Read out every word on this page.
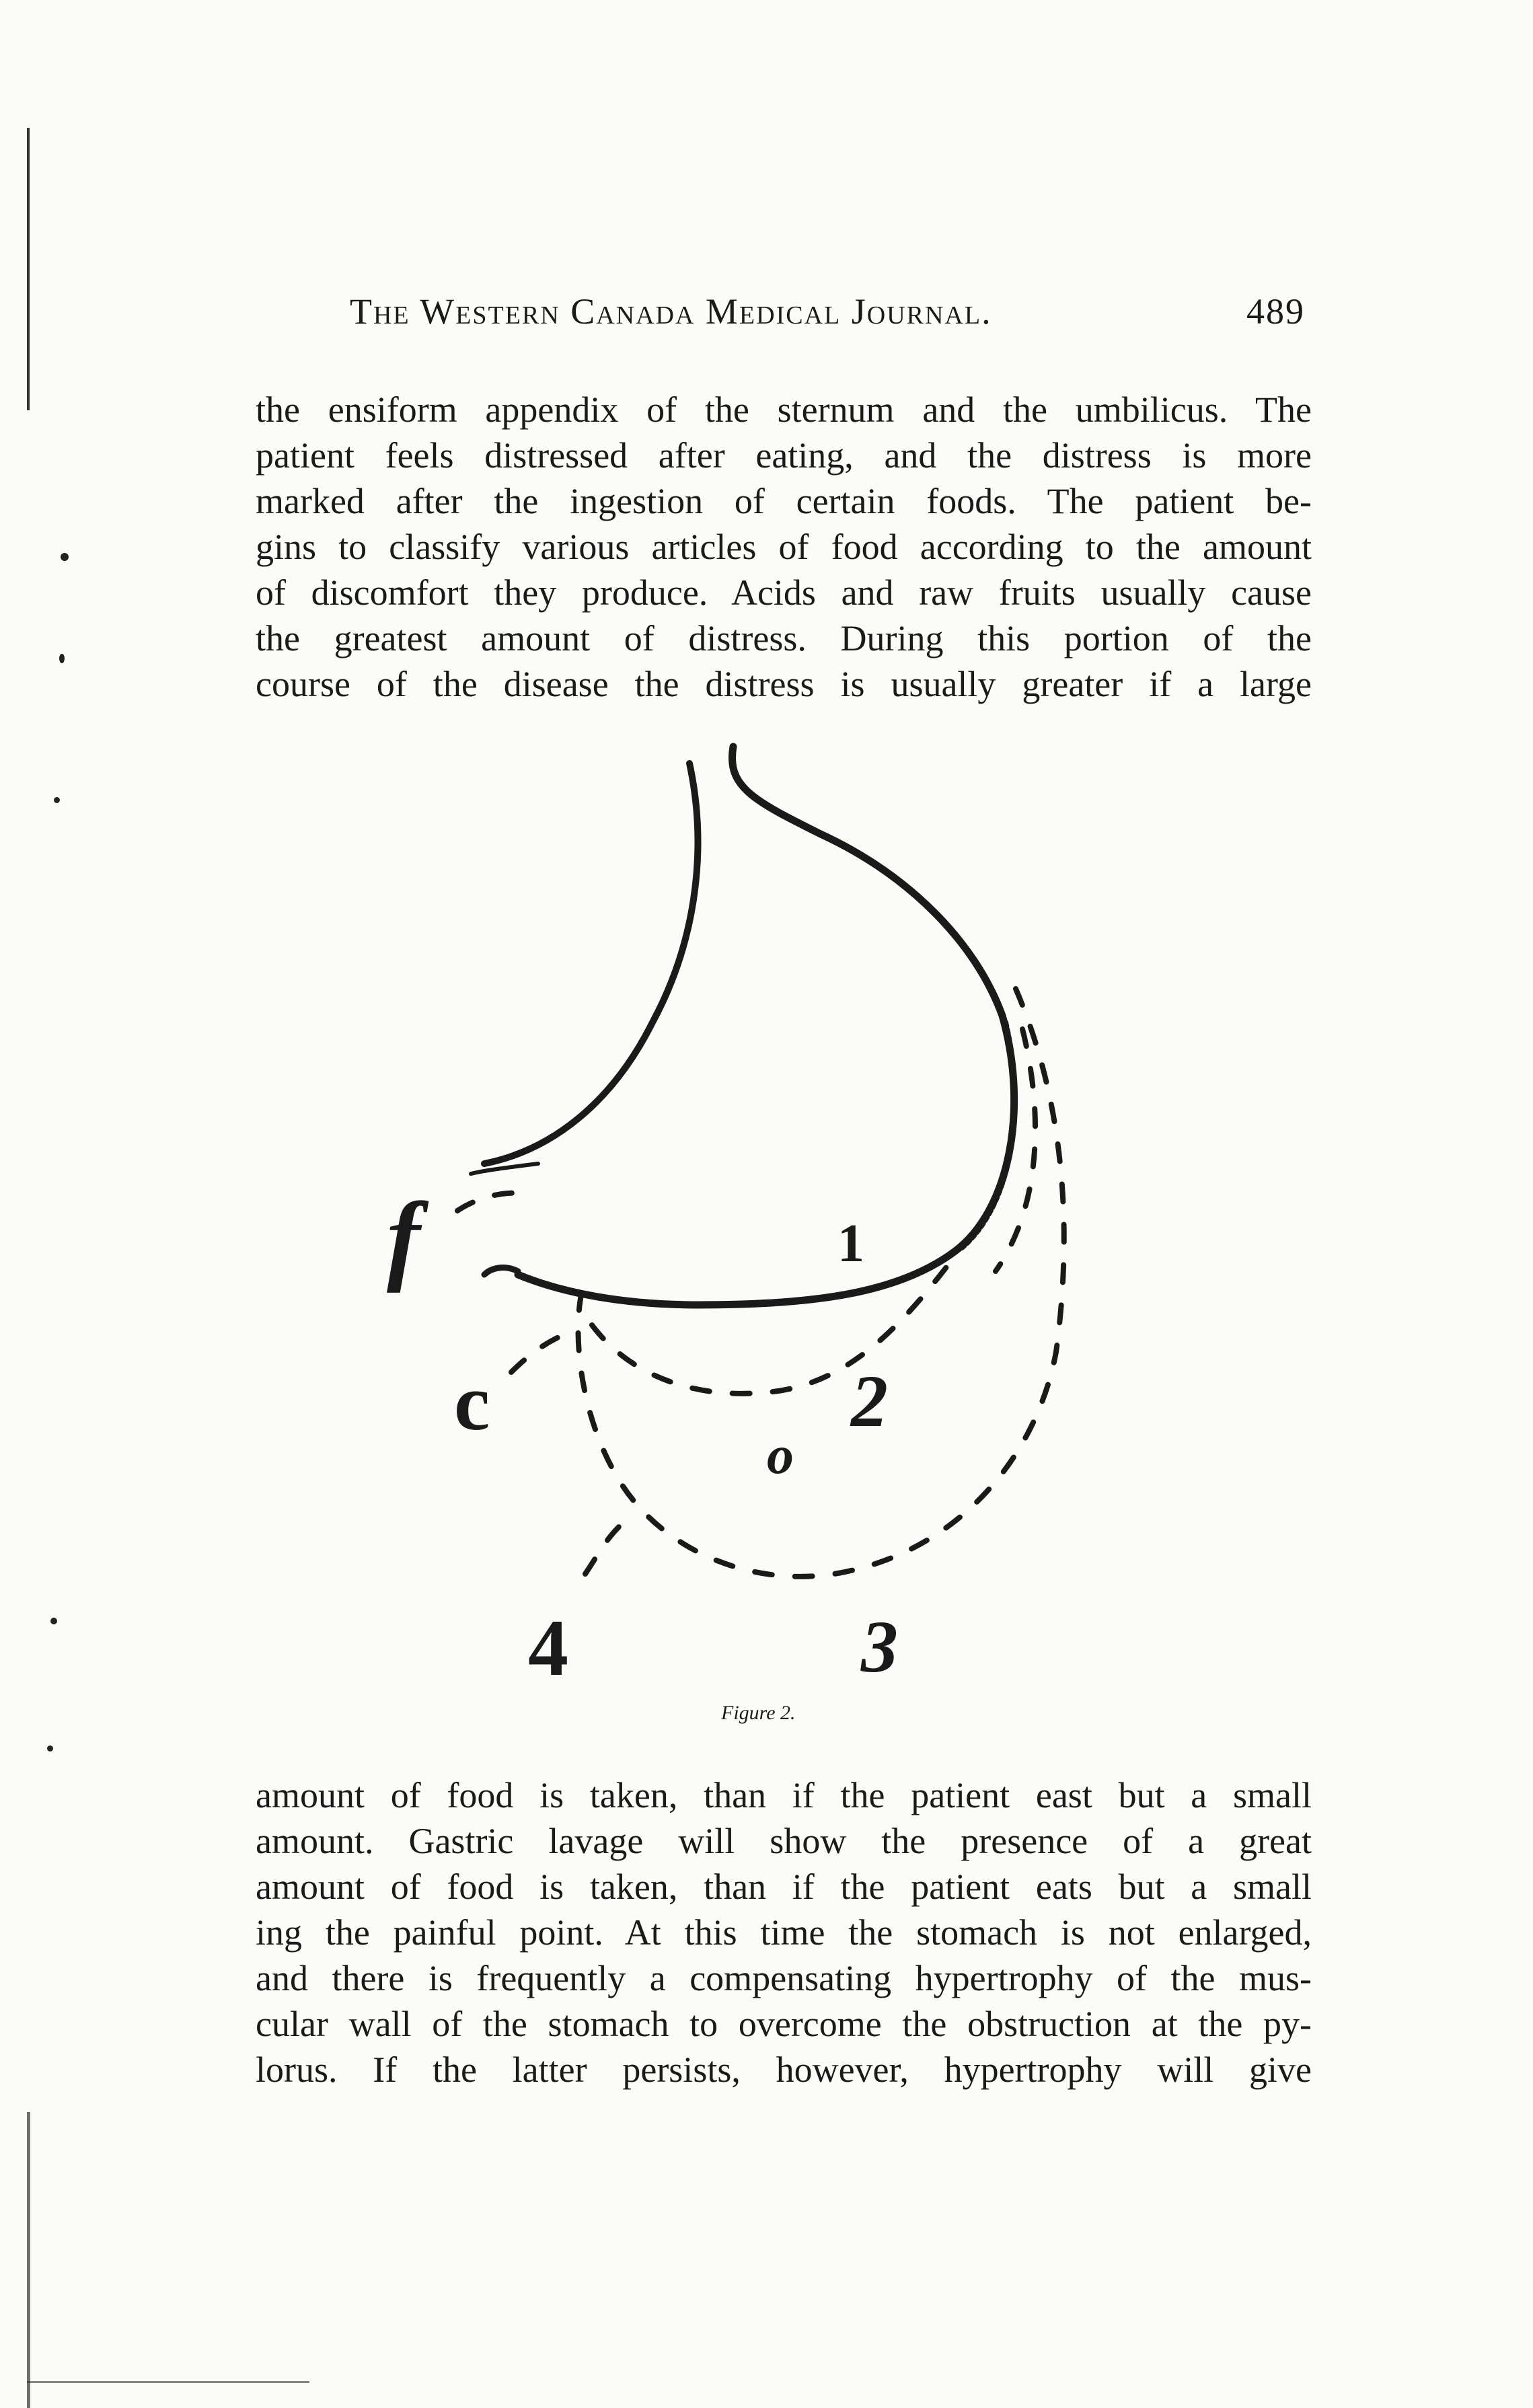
The Western Canada Medical Journal.	489
the ensiform appendix of the sternum and the umbilicus. The
patient feels distressed after eating, and the distress is more
marked after the ingestion of certain foods. The patient be-
gins to classify various articles of food according to the amount
of discomfort they produce. Acids and raw fruits usually cause
the greatest amount of distress. During this portion of the
course of the disease the distress is usually greater if a large
f
c
1
2
o
3
4
Figure 2.
amount of food is taken, than if the patient east but a small
amount. Gastric lavage will show the presence of a great
amount of food is taken, than if the patient eats but a small
ing the painful point. At this time the stomach is not enlarged,
and there is frequently a compensating hypertrophy of the mus-
cular wall of the stomach to overcome the obstruction at the py-
lorus. If the latter persists, however, hypertrophy will give
